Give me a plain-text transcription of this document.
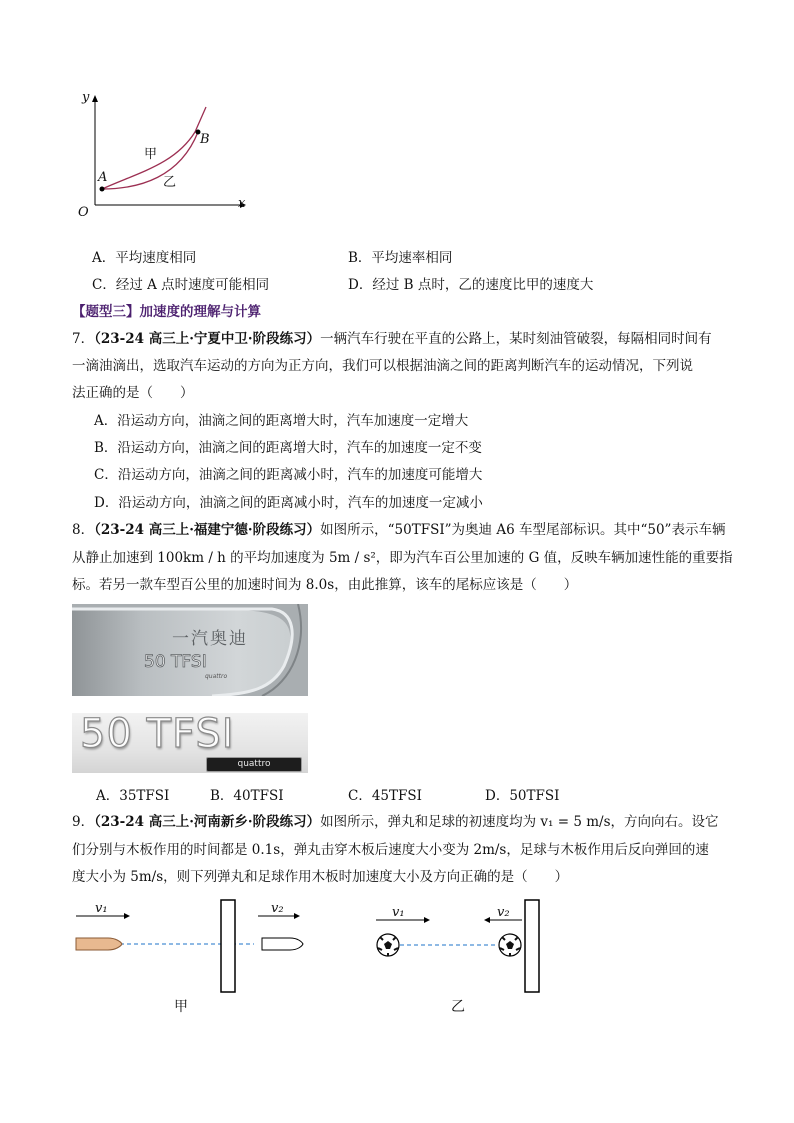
y
x
O
A
B
甲
乙
A．平均速度相同	B．平均速率相同
C．经过 A 点时速度可能相同	D．经过 B 点时，乙的速度比甲的速度大
【题型三】加速度的理解与计算
7．（23-24 高三上·宁夏中卫·阶段练习）一辆汽车行驶在平直的公路上，某时刻油管破裂，每隔相同时间有
一滴油滴出，选取汽车运动的方向为正方向，我们可以根据油滴之间的距离判断汽车的运动情况，下列说
法正确的是（　　）
A．沿运动方向，油滴之间的距离增大时，汽车加速度一定增大
B．沿运动方向，油滴之间的距离增大时，汽车的加速度一定不变
C．沿运动方向，油滴之间的距离减小时，汽车的加速度可能增大
D．沿运动方向，油滴之间的距离减小时，汽车的加速度一定减小
8．（23-24 高三上·福建宁德·阶段练习）如图所示，“50TFSI”为奥迪 A6 车型尾部标识。其中“50”表示车辆
从静止加速到 100km / h 的平均加速度为 5m / s²，即为汽车百公里加速的 G 值，反映车辆加速性能的重要指
标。若另一款车型百公里的加速时间为 8.0s，由此推算，该车的尾标应该是（　　）
一汽奥迪
50 TFSI
quattro
50 TFSI
quattro
A．35TFSI	B．40TFSI	C．45TFSI	D．50TFSI
9．（23-24 高三上·河南新乡·阶段练习）如图所示，弹丸和足球的初速度均为 v₁ = 5 m/s，方向向右。设它
们分别与木板作用的时间都是 0.1s，弹丸击穿木板后速度大小变为 2m/s，足球与木板作用后反向弹回的速
度大小为 5m/s，则下列弹丸和足球作用木板时加速度大小及方向正确的是（　　）
v₁	v₂
甲
v₁	v₂
乙
